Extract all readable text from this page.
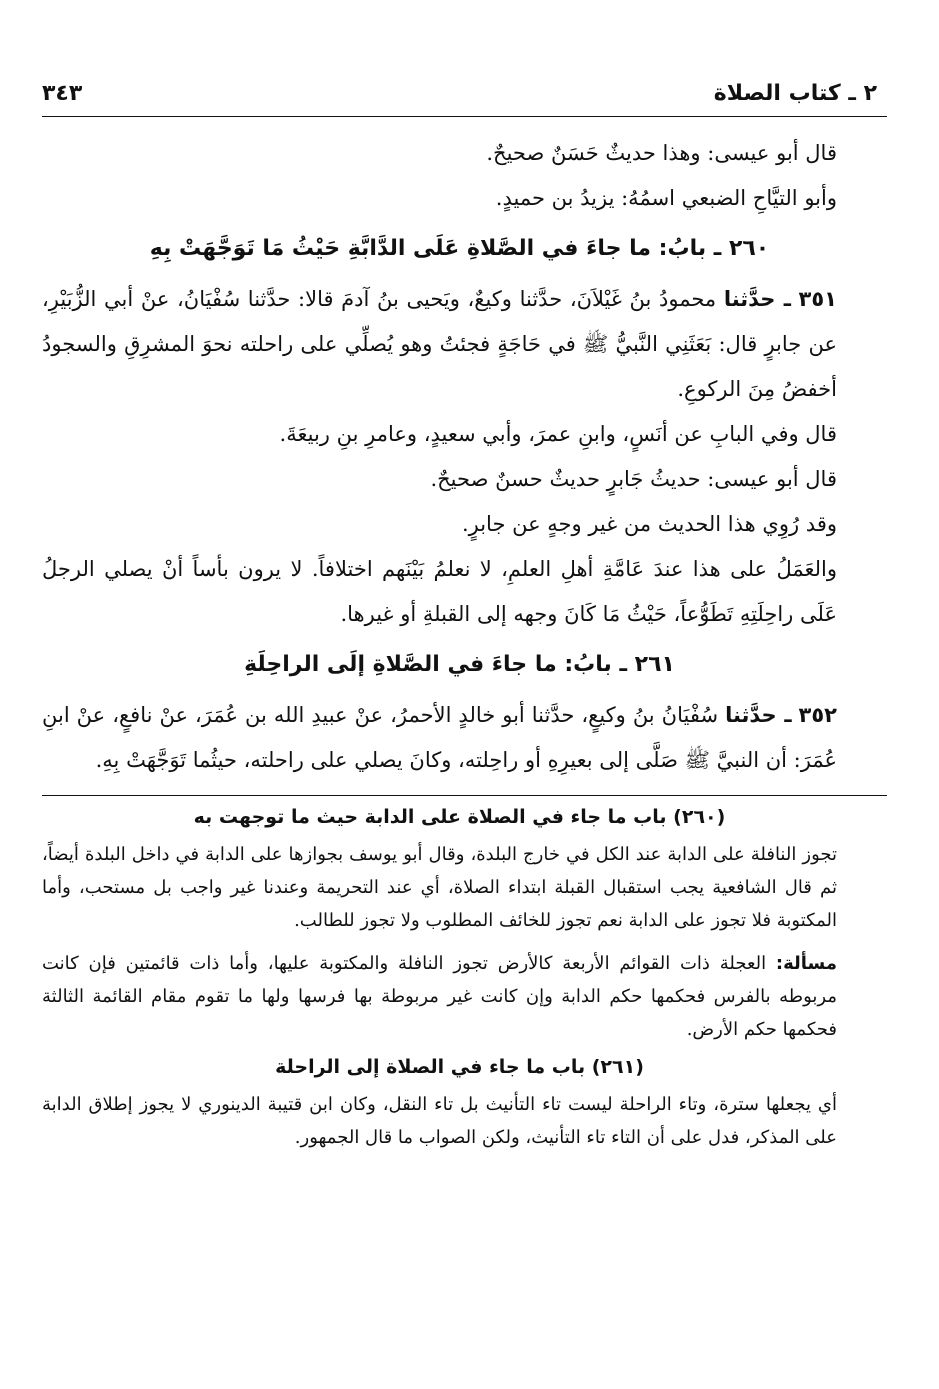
٢ ـ كتاب الصلاة
٣٤٣

قال أبو عيسى: وهذا حديثٌ حَسَنٌ صحيحٌ.

وأبو التيَّاحِ الضبعي اسمُهُ: يزيدُ بن حميدٍ.

٢٦٠ ـ بابُ: ما جاءَ في الصَّلاةِ عَلَى الدَّابَّةِ حَيْثُ مَا تَوَجَّهَتْ بِهِ

٣٥١ ـ حدَّثنا محمودُ بنُ غَيْلاَنَ، حدَّثنا وكيعٌ، ويَحيى بنُ آدمَ قالا: حدَّثنا سُفْيَانُ، عنْ أبي الزُّبَيْرِ، عن جابرٍ قال: بَعَثَنِي النَّبيُّ ﷺ في حَاجَةٍ فجئتُ وهو يُصلِّي على راحلته نحوَ المشرِقِ والسجودُ أخفضُ مِنَ الركوعِ.

قال وفي البابِ عن أنَسٍ، وابنِ عمرَ، وأبي سعيدٍ، وعامرِ بنِ ربيعَةَ.

قال أبو عيسى: حديثُ جَابرٍ حديثٌ حسنٌ صحيحٌ.

وقد رُوِي هذا الحديث من غير وجهٍ عن جابرٍ.

والعَمَلُ على هذا عندَ عَامَّةِ أهلِ العلمِ، لا نعلمُ بَيْنَهم اختلافاً. لا يرون بأساً أنْ يصلي الرجلُ عَلَى راحِلَتِهِ تَطَوُّعاً، حَيْثُ مَا كَانَ وجهه إلى القبلةِ أو غيرها.

٢٦١ ـ بابُ: ما جاءَ في الصَّلاةِ إلَى الراحِلَةِ

٣٥٢ ـ حدَّثنا سُفْيَانُ بنُ وكيعٍ، حدَّثنا أبو خالدٍ الأحمرُ، عنْ عبيدِ الله بن عُمَرَ، عنْ نافعٍ، عنْ ابنِ عُمَرَ: أن النبيَّ ﷺ صَلَّى إلى بعيرِهِ أو راحِلته، وكانَ يصلي على راحلته، حيثُما تَوَجَّهَتْ بِهِ.

(٢٦٠) باب ما جاء في الصلاة على الدابة حيث ما توجهت به

تجوز النافلة على الدابة عند الكل في خارج البلدة، وقال أبو يوسف بجوازها على الدابة في داخل البلدة أيضاً، ثم قال الشافعية يجب استقبال القبلة ابتداء الصلاة، أي عند التحريمة وعندنا غير واجب بل مستحب، وأما المكتوبة فلا تجوز على الدابة نعم تجوز للخائف المطلوب ولا تجوز للطالب.

مسألة: العجلة ذات القوائم الأربعة كالأرض تجوز النافلة والمكتوبة عليها، وأما ذات قائمتين فإن كانت مربوطه بالفرس فحكمها حكم الدابة وإن كانت غير مربوطة بها فرسها ولها ما تقوم مقام القائمة الثالثة فحكمها حكم الأرض.

(٢٦١) باب ما جاء في الصلاة إلى الراحلة

أي يجعلها سترة، وتاء الراحلة ليست تاء التأنيث بل تاء النقل، وكان ابن قتيبة الدينوري لا يجوز إطلاق الدابة على المذكر، فدل على أن التاء تاء التأنيث، ولكن الصواب ما قال الجمهور.
